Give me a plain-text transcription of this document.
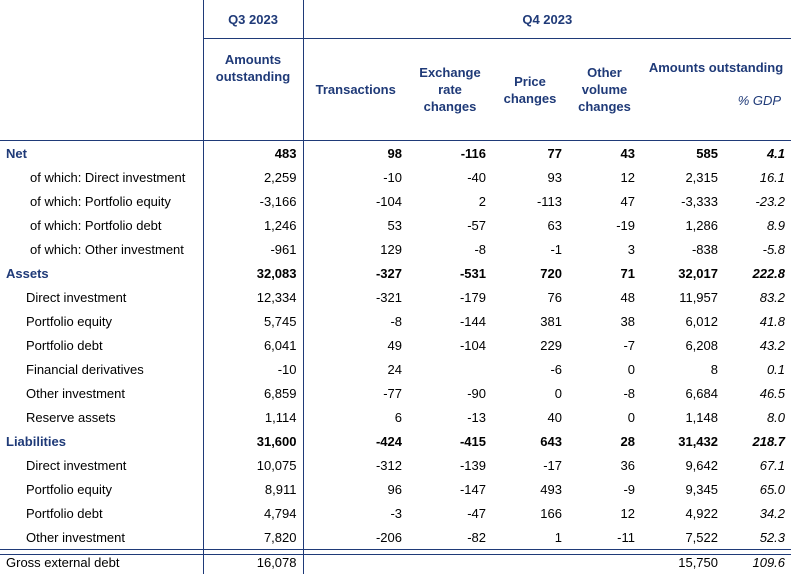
	Q3 2023	Q4 2023					
	Amounts outstanding	Transactions	Exchange rate changes	Price changes	Other volume changes	Amounts outstanding
% GDP	

Net	483	98	-116	77	43	585	4.1
of which: Direct investment	2,259	-10	-40	93	12	2,315	16.1
of which: Portfolio equity	-3,166	-104	2	-113	47	-3,333	-23.2
of which: Portfolio debt	1,246	53	-57	63	-19	1,286	8.9
of which: Other investment	-961	129	-8	-1	3	-838	-5.8
Assets	32,083	-327	-531	720	71	32,017	222.8
Direct investment	12,334	-321	-179	76	48	11,957	83.2
Portfolio equity	5,745	-8	-144	381	38	6,012	41.8
Portfolio debt	6,041	49	-104	229	-7	6,208	43.2
Financial derivatives	-10	24		-6	0	8	0.1
Other investment	6,859	-77	-90	0	-8	6,684	46.5
Reserve assets	1,114	6	-13	40	0	1,148	8.0
Liabilities	31,600	-424	-415	643	28	31,432	218.7
Direct investment	10,075	-312	-139	-17	36	9,642	67.1
Portfolio equity	8,911	96	-147	493	-9	9,345	65.0
Portfolio debt	4,794	-3	-47	166	12	4,922	34.2
Other investment	7,820	-206	-82	1	-11	7,522	52.3
Gross external debt	16,078					15,750	109.6
